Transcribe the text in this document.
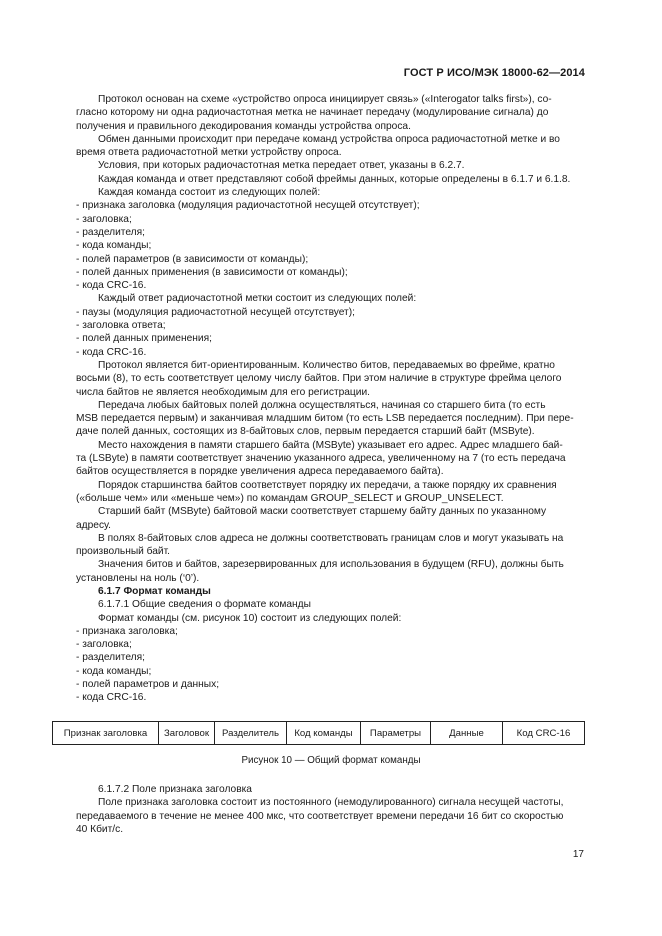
ГОСТ Р ИСО/МЭК 18000-62—2014

Протокол основан на схеме «устройство опроса инициирует связь» («Interogator talks first»), со-

гласно которому ни одна радиочастотная метка не начинает передачу (модулирование сигнала) до

получения и правильного декодирования команды устройства опроса.

Обмен данными происходит при передаче команд устройства опроса радиочастотной метке и во

время ответа радиочастотной метки устройству опроса.

Условия, при которых радиочастотная метка передает ответ, указаны в 6.2.7.

Каждая команда и ответ представляют собой фреймы данных, которые определены в 6.1.7 и 6.1.8.

Каждая команда состоит из следующих полей:

- признака заголовка (модуляция радиочастотной несущей отсутствует);

- заголовка;

- разделителя;

- кода команды;

- полей параметров (в зависимости от команды);

- полей данных применения (в зависимости от команды);

- кода CRC-16.

Каждый ответ радиочастотной метки состоит из следующих полей:

- паузы (модуляция радиочастотной несущей отсутствует);

- заголовка ответа;

- полей данных применения;

- кода CRC-16.

Протокол является бит-ориентированным. Количество битов, передаваемых во фрейме, кратно

восьми (8), то есть соответствует целому числу байтов. При этом наличие в структуре фрейма целого

числа байтов не является необходимым для его регистрации.

Передача любых байтовых полей должна осуществляться, начиная со старшего бита (то есть

MSB передается первым) и заканчивая младшим битом (то есть LSB передается последним). При пере-

даче полей данных, состоящих из 8-байтовых слов, первым передается старший байт (MSByte).

Место нахождения в памяти старшего байта (MSByte) указывает его адрес. Адрес младшего бай-

та (LSByte) в памяти соответствует значению указанного адреса, увеличенному на 7 (то есть передача

байтов осуществляется в порядке увеличения адреса передаваемого байта).

Порядок старшинства байтов соответствует порядку их передачи, а также порядку их сравнения

(«больше чем» или «меньше чем») по командам GROUP_SELECT и GROUP_UNSELECT.

Старший байт (MSByte) байтовой маски соответствует старшему байту данных по указанному

адресу.

В полях 8-байтовых слов адреса не должны соответствовать границам слов и могут указывать на

произвольный байт.

Значения битов и байтов, зарезервированных для использования в будущем (RFU), должны быть

установлены на ноль (‘0’).

6.1.7 Формат команды

6.1.7.1 Общие сведения о формате команды

Формат команды (см. рисунок 10) состоит из следующих полей:

- признака заголовка;

- заголовка;

- разделителя;

- кода команды;

- полей параметров и данных;

- кода CRC-16.

Признак заголовка	Заголовок	Разделитель	Код команды	Параметры	Данные	Код CRC-16
Рисунок 10 — Общий формат команды

6.1.7.2 Поле признака заголовка

Поле признака заголовка состоит из постоянного (немодулированного) сигнала несущей частоты,

передаваемого в течение не менее 400 мкс, что соответствует времени передачи 16 бит со скоростью

40 Кбит/с.

17
